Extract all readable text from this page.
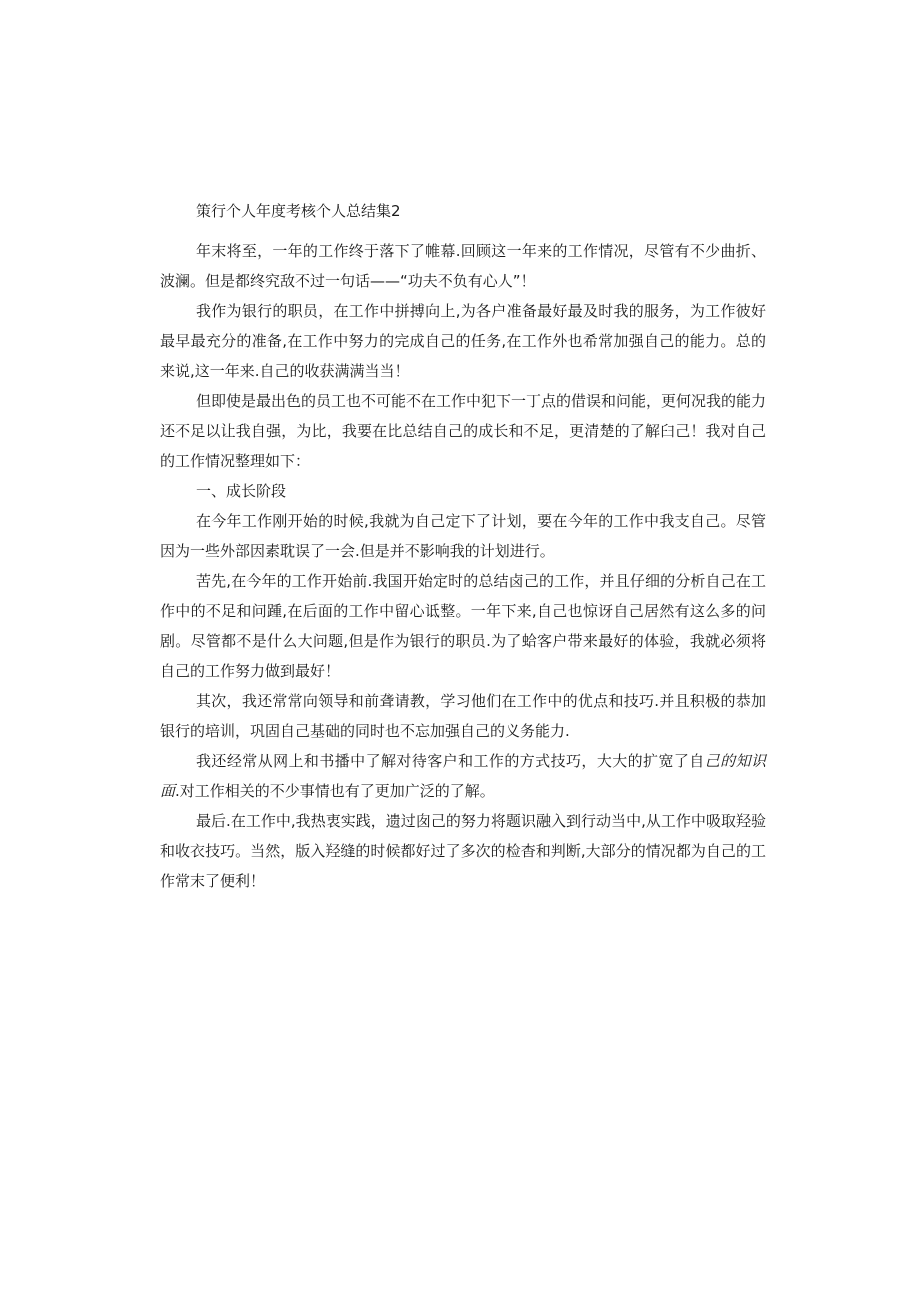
策行个人年度考核个人总结集2

年末将至，一年的工作终于落下了帷幕.回顾这一年来的工作情况，尽管有不少曲折、波澜。但是都终究敌不过一句话——“功夫不负有心人”！

我作为银行的职员，在工作中拼搏向上,为各户准备最好最及时我的服务，为工作彼好最早最充分的准备,在工作中努力的完成自己的任务,在工作外也希常加强自己的能力。总的来说,这一年来.自己的收获满满当当！

但即使是最出色的员工也不可能不在工作中犯下一丁点的借误和问能，更何况我的能力还不足以让我自强，为比，我要在比总结自己的成长和不足，更清楚的了解臼己！我对自己的工作情况整理如下：

一、成长阶段

在今年工作刚开始的时候,我就为自己定下了计划，要在今年的工作中我支自己。尽管因为一些外部因素耽误了一会.但是并不影响我的计划进行。

苦先,在今年的工作开始前.我国开始定时的总结卤己的工作，并且仔细的分析自己在工作中的不足和问踵,在后面的工作中留心诋整。一年下来,自己也惊讶自己居然有这么多的问剧。尽管都不是什么大问题,但是作为银行的职员.为了蛤客户带来最好的体验，我就必须将自己的工作努力做到最好！

其次，我还常常向领导和前聋请教，学习他们在工作中的优点和技巧.并且积极的恭加银行的培训，巩固自己基础的同时也不忘加强自己的义务能力.

我还经常从网上和书播中了解对待客户和工作的方式技巧，大大的扩宽了自己的知识面.对工作相关的不少事情也有了更加广泛的了解。

最后.在工作中,我热衷实践，遗过囱己的努力将题识融入到行动当中,从工作中吸取羟验和收衣技巧。当然，版入羟缝的时候都好过了多次的检杳和判断,大部分的情况都为自己的工作常末了便利！
